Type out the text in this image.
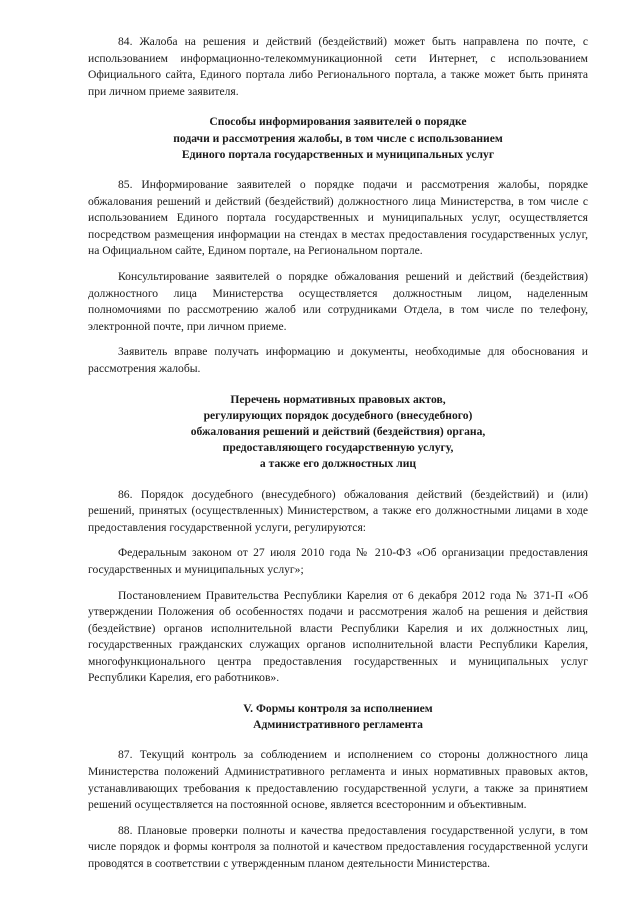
84. Жалоба на решения и действий (бездействий) может быть направлена по почте, с использованием информационно-телекоммуникационной сети Интернет, с использованием Официального сайта, Единого портала либо Регионального портала, а также может быть принята при личном приеме заявителя.

Способы информирования заявителей о порядке
подачи и рассмотрения жалобы, в том числе с использованием
Единого портала государственных и муниципальных услуг

85. Информирование заявителей о порядке подачи и рассмотрения жалобы, порядке обжалования решений и действий (бездействий) должностного лица Министерства, в том числе с использованием Единого портала государственных и муниципальных услуг, осуществляется посредством размещения информации на стендах в местах предоставления государственных услуг, на Официальном сайте, Едином портале, на Региональном портале.

Консультирование заявителей о порядке обжалования решений и действий (бездействия) должностного лица Министерства осуществляется должностным лицом, наделенным полномочиями по рассмотрению жалоб или сотрудниками Отдела, в том числе по телефону, электронной почте, при личном приеме.

Заявитель вправе получать информацию и документы, необходимые для обоснования и рассмотрения жалобы.

Перечень нормативных правовых актов,
регулирующих порядок досудебного (внесудебного)
обжалования решений и действий (бездействия) органа,
предоставляющего государственную услугу,
а также его должностных лиц

86. Порядок досудебного (внесудебного) обжалования действий (бездействий) и (или) решений, принятых (осуществленных) Министерством, а также его должностными лицами в ходе предоставления государственной услуги, регулируются:

Федеральным законом от 27 июля 2010 года № 210-ФЗ «Об организации предоставления государственных и муниципальных услуг»;

Постановлением Правительства Республики Карелия от 6 декабря 2012 года № 371-П «Об утверждении Положения об особенностях подачи и рассмотрения жалоб на решения и действия (бездействие) органов исполнительной власти Республики Карелия и их должностных лиц, государственных гражданских служащих органов исполнительной власти Республики Карелия, многофункционального центра предоставления государственных и муниципальных услуг Республики Карелия, его работников».

V. Формы контроля за исполнением
Административного регламента

87. Текущий контроль за соблюдением и исполнением со стороны должностного лица Министерства положений Административного регламента и иных нормативных правовых актов, устанавливающих требования к предоставлению государственной услуги, а также за принятием решений осуществляется на постоянной основе, является всесторонним и объективным.

88. Плановые проверки полноты и качества предоставления государственной услуги, в том числе порядок и формы контроля за полнотой и качеством предоставления государственной услуги проводятся в соответствии с утвержденным планом деятельности Министерства.
